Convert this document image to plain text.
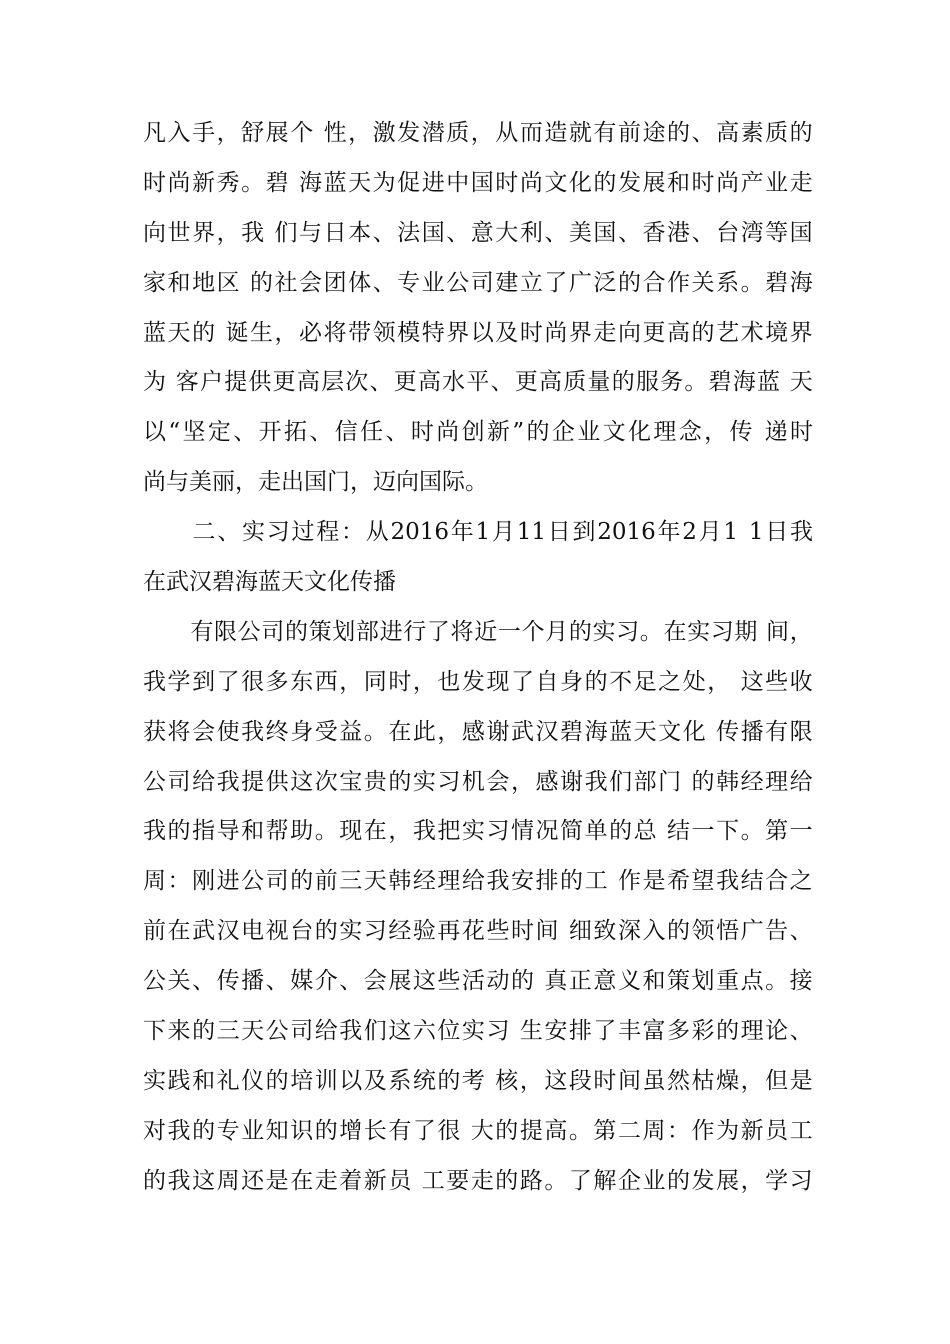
凡 入 手 ， 舒 展 个
性 ， 激 发 潜 质 ， 从 而 造 就 有 前 途 的 、 高 素 质 的
时 尚 新 秀 。 碧
海 蓝 天 为 促 进 中 国 时 尚 文 化 的 发 展 和 时 尚 产 业 走
向 世 界 ， 我
们 与 日 本 、 法 国 、 意 大 利 、 美 国 、 香 港 、 台 湾 等 国
家 和 地 区
的 社 会 团 体 、 专 业 公 司 建 立 了 广 泛 的 合 作 关 系 。 碧 海
蓝 天 的
诞 生 ， 必 将 带 领 模 特 界 以 及 时 尚 界 走 向 更 高 的 艺 术 境 界
为
客 户 提 供 更 高 层 次 、 更 高 水 平 、 更 高 质 量 的 服 务 。 碧 海 蓝
天
以 “ 坚 定 、 开 拓 、 信 任 、 时 尚 创 新 ” 的 企 业 文 化 理 念 ， 传
递 时
尚与美丽，走出国门，迈向国际。

二 、 实 习 过 程 ： 从 2016 年 1 月 11 日 到 2016 年 2 月 1
1 日 我
在武汉碧海蓝天文化传播

有 限 公 司 的 策 划 部 进 行 了 将 近 一 个 月 的 实 习 。 在 实 习 期
间 ，
我 学 到 了 很 多 东 西 ， 同 时 ， 也 发 现 了 自 身 的 不 足 之 处 ，
这 些 收
获 将 会 使 我 终 身 受 益 。 在 此 ， 感 谢 武 汉 碧 海 蓝 天 文 化
传 播 有 限
公 司 给 我 提 供 这 次 宝 贵 的 实 习 机 会 ， 感 谢 我 们 部 门
的 韩 经 理 给
我 的 指 导 和 帮 助 。 现 在 ， 我 把 实 习 情 况 简 单 的 总
结 一 下 。 第 一
周 ： 刚 进 公 司 的 前 三 天 韩 经 理 给 我 安 排 的 工
作 是 希 望 我 结 合 之
前 在 武 汉 电 视 台 的 实 习 经 验 再 花 些 时 间
细 致 深 入 的 领 悟 广 告 、
公 关 、 传 播 、 媒 介 、 会 展 这 些 活 动 的
真 正 意 义 和 策 划 重 点 。 接
下 来 的 三 天 公 司 给 我 们 这 六 位 实 习
生 安 排 了 丰 富 多 彩 的 理 论 、
实 践 和 礼 仪 的 培 训 以 及 系 统 的 考
核 ， 这 段 时 间 虽 然 枯 燥 ， 但 是
对 我 的 专 业 知 识 的 增 长 有 了 很
大 的 提 高 。 第 二 周 ： 作 为 新 员 工
的 我 这 周 还 是 在 走 着 新 员
工 要 走 的 路 。 了 解 企 业 的 发 展 ， 学 习
